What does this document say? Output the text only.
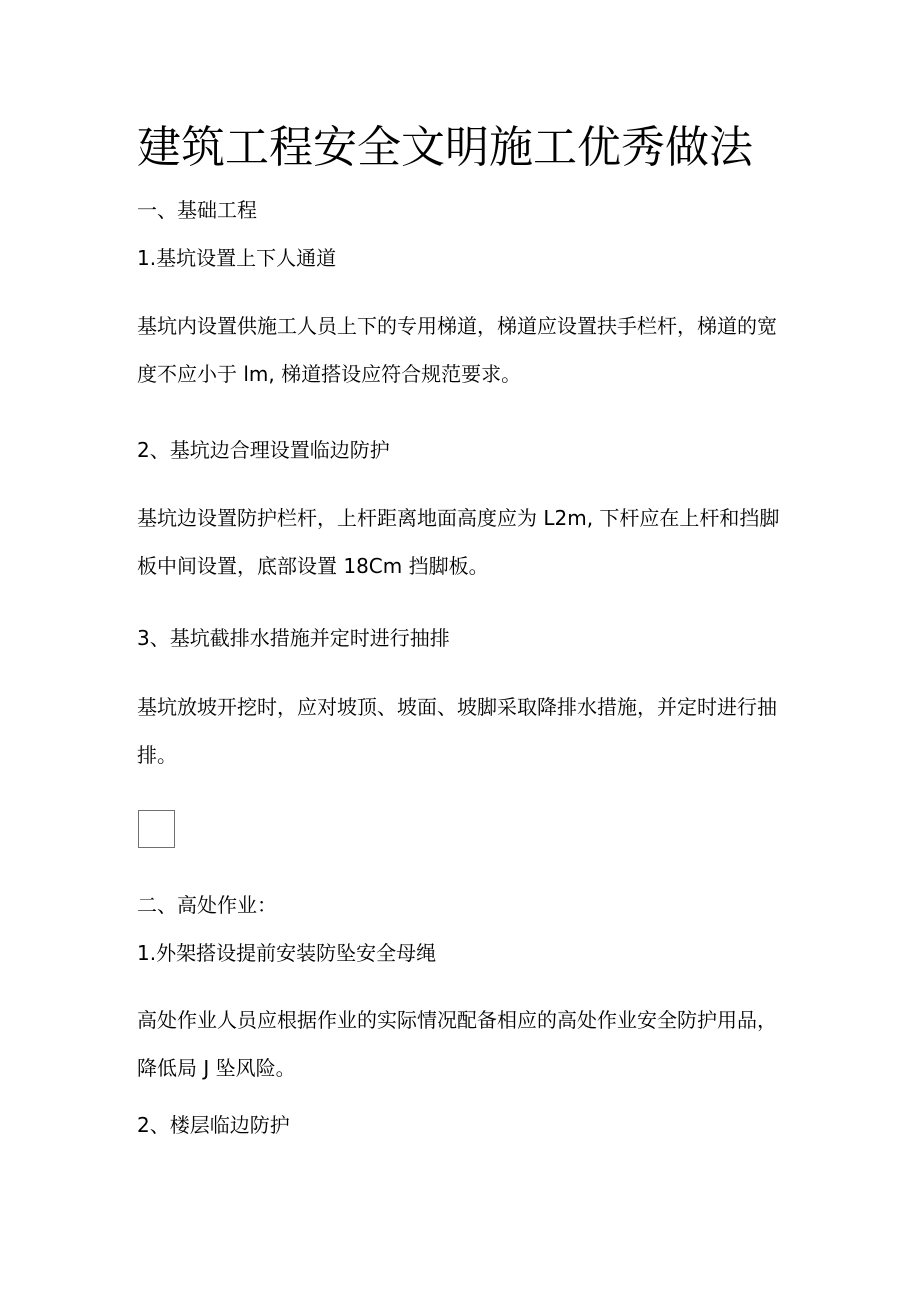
建筑工程安全文明施工优秀做法

一、基础工程

1.基坑设置上下人通道

基坑内设置供施工人员上下的专用梯道，梯道应设置扶手栏杆，梯道的宽
度不应小于 lm, 梯道搭设应符合规范要求。

2、基坑边合理设置临边防护

基坑边设置防护栏杆，上杆距离地面高度应为 L2m, 下杆应在上杆和挡脚
板中间设置，底部设置 18Cm 挡脚板。

3、基坑截排水措施并定时进行抽排

基坑放坡开挖时，应对坡顶、坡面、坡脚采取降排水措施，并定时进行抽
排。

二、高处作业：

1.外架搭设提前安装防坠安全母绳

高处作业人员应根据作业的实际情况配备相应的高处作业安全防护用品，
降低局 J 坠风险。

2、楼层临边防护
